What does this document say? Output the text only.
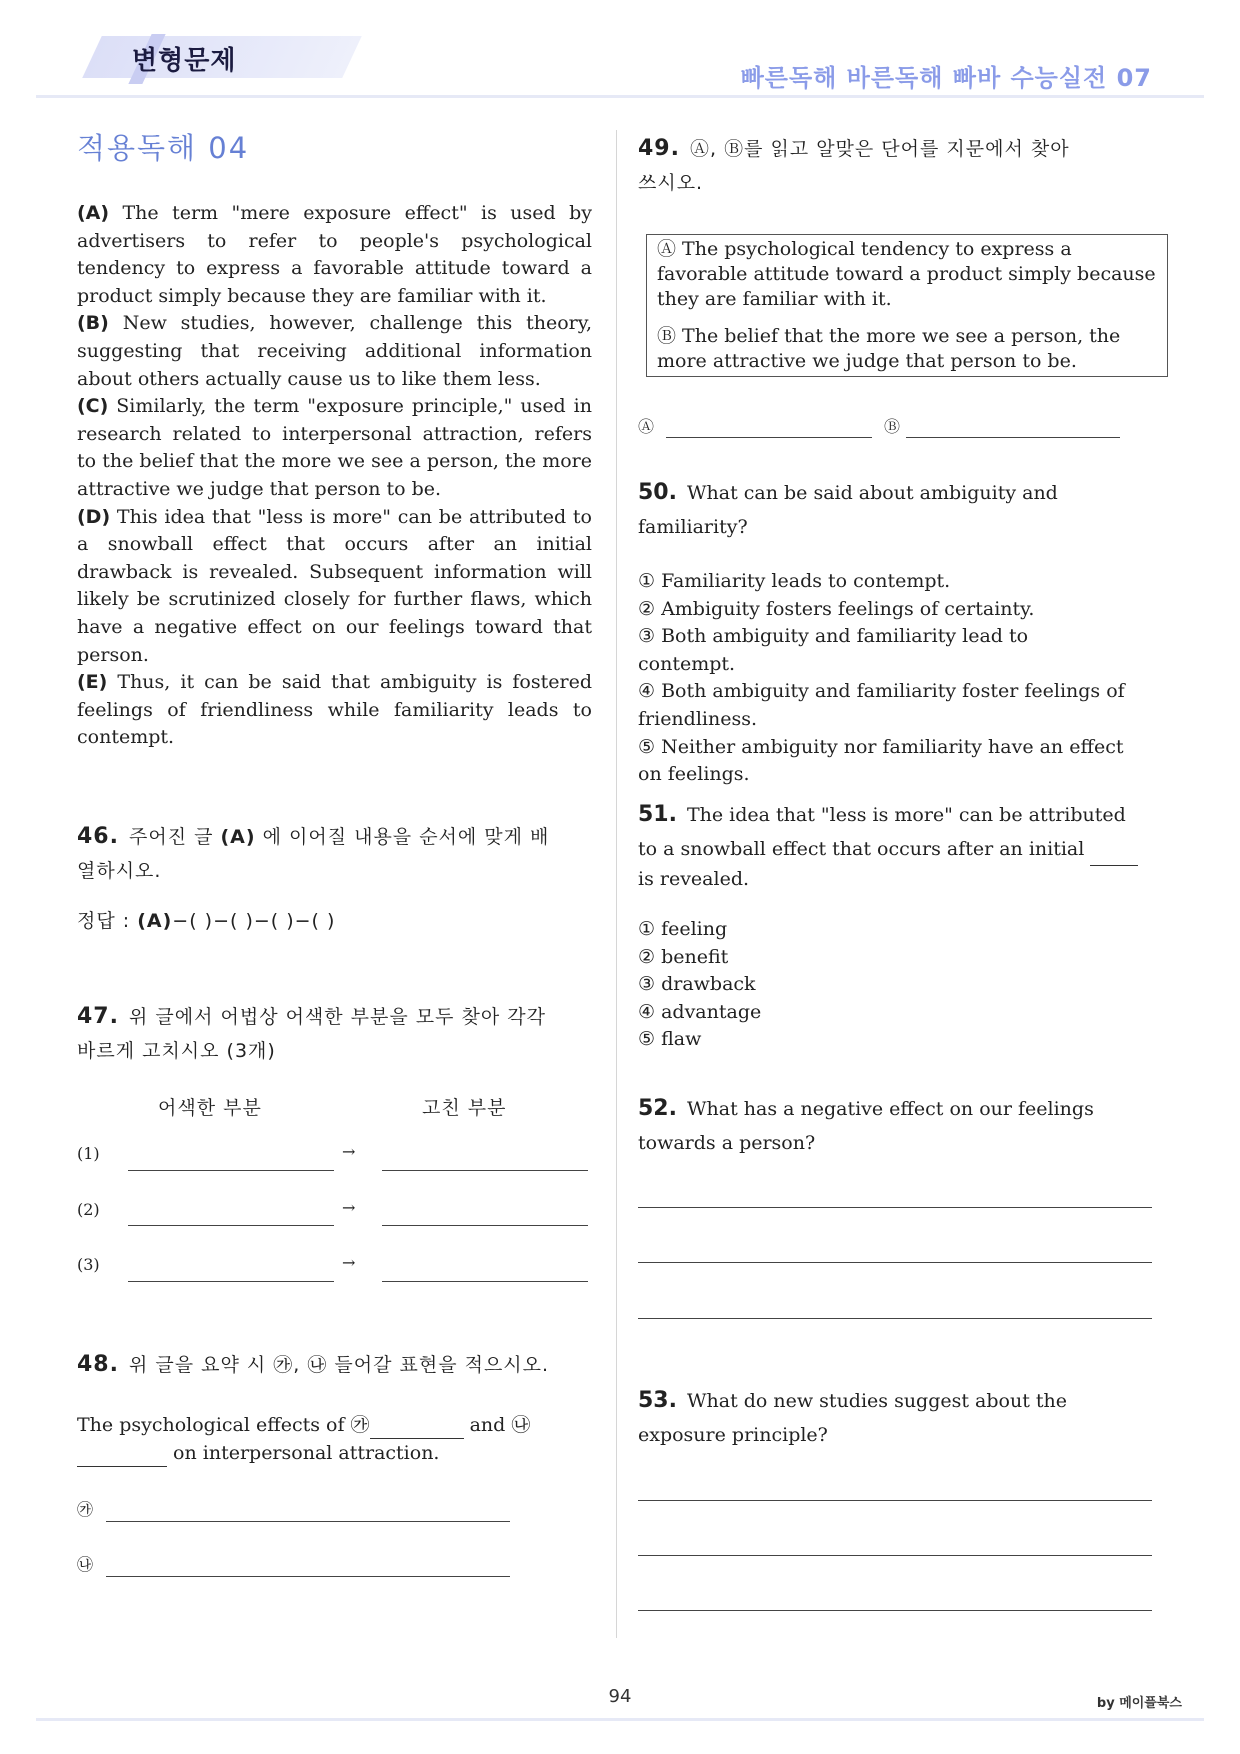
변형문제
빠른독해 바른독해 빠바 수능실전 07
적용독해 04
(A) The term "mere exposure effect" is used by advertisers to refer to people's psychological tendency to express a favorable attitude toward a product simply because they are familiar with it.
(B) New studies, however, challenge this theory, suggesting that receiving additional information about others actually cause us to like them less.
(C) Similarly, the term "exposure principle," used in research related to interpersonal attraction, refers to the belief that the more we see a person, the more attractive we judge that person to be.
(D) This idea that "less is more" can be attributed to a snowball effect that occurs after an initial drawback is revealed. Subsequent information will likely be scrutinized closely for further flaws, which have a negative effect on our feelings toward that person.
(E) Thus, it can be said that ambiguity is fostered feelings of friendliness while familiarity leads to contempt.
46. 주어진 글 (A) 에 이어질 내용을 순서에 맞게 배
열하시오.
정답 : (A)−( )−( )−( )−( )
47. 위 글에서 어법상 어색한 부분을 모두 찾아 각각
바르게 고치시오 (3개)
어색한 부분	고친 부분
(1)	→
(2)	→
(3)	→
48. 위 글을 요약 시 ㉮, ㉯ 들어갈 표현을 적으시오.
The psychological effects of ㉮	and ㉯
on interpersonal attraction.
㉮
㉯
49. Ⓐ, Ⓑ를 읽고 알맞은 단어를 지문에서 찾아
쓰시오.
Ⓐ The psychological tendency to express a favorable attitude toward a product simply because they are familiar with it.
Ⓑ The belief that the more we see a person, the more attractive we judge that person to be.
Ⓐ	Ⓑ
50. What can be said about ambiguity and
familiarity?
① Familiarity leads to contempt.
② Ambiguity fosters feelings of certainty.
③ Both ambiguity and familiarity lead to contempt.
④ Both ambiguity and familiarity foster feelings of friendliness.
⑤ Neither ambiguity nor familiarity have an effect on feelings.
51. The idea that "less is more" can be attributed
to a snowball effect that occurs after an initial
is revealed.
① feeling
② benefit
③ drawback
④ advantage
⑤ flaw
52. What has a negative effect on our feelings
towards a person?
53. What do new studies suggest about the
exposure principle?
94	by 메이플북스
